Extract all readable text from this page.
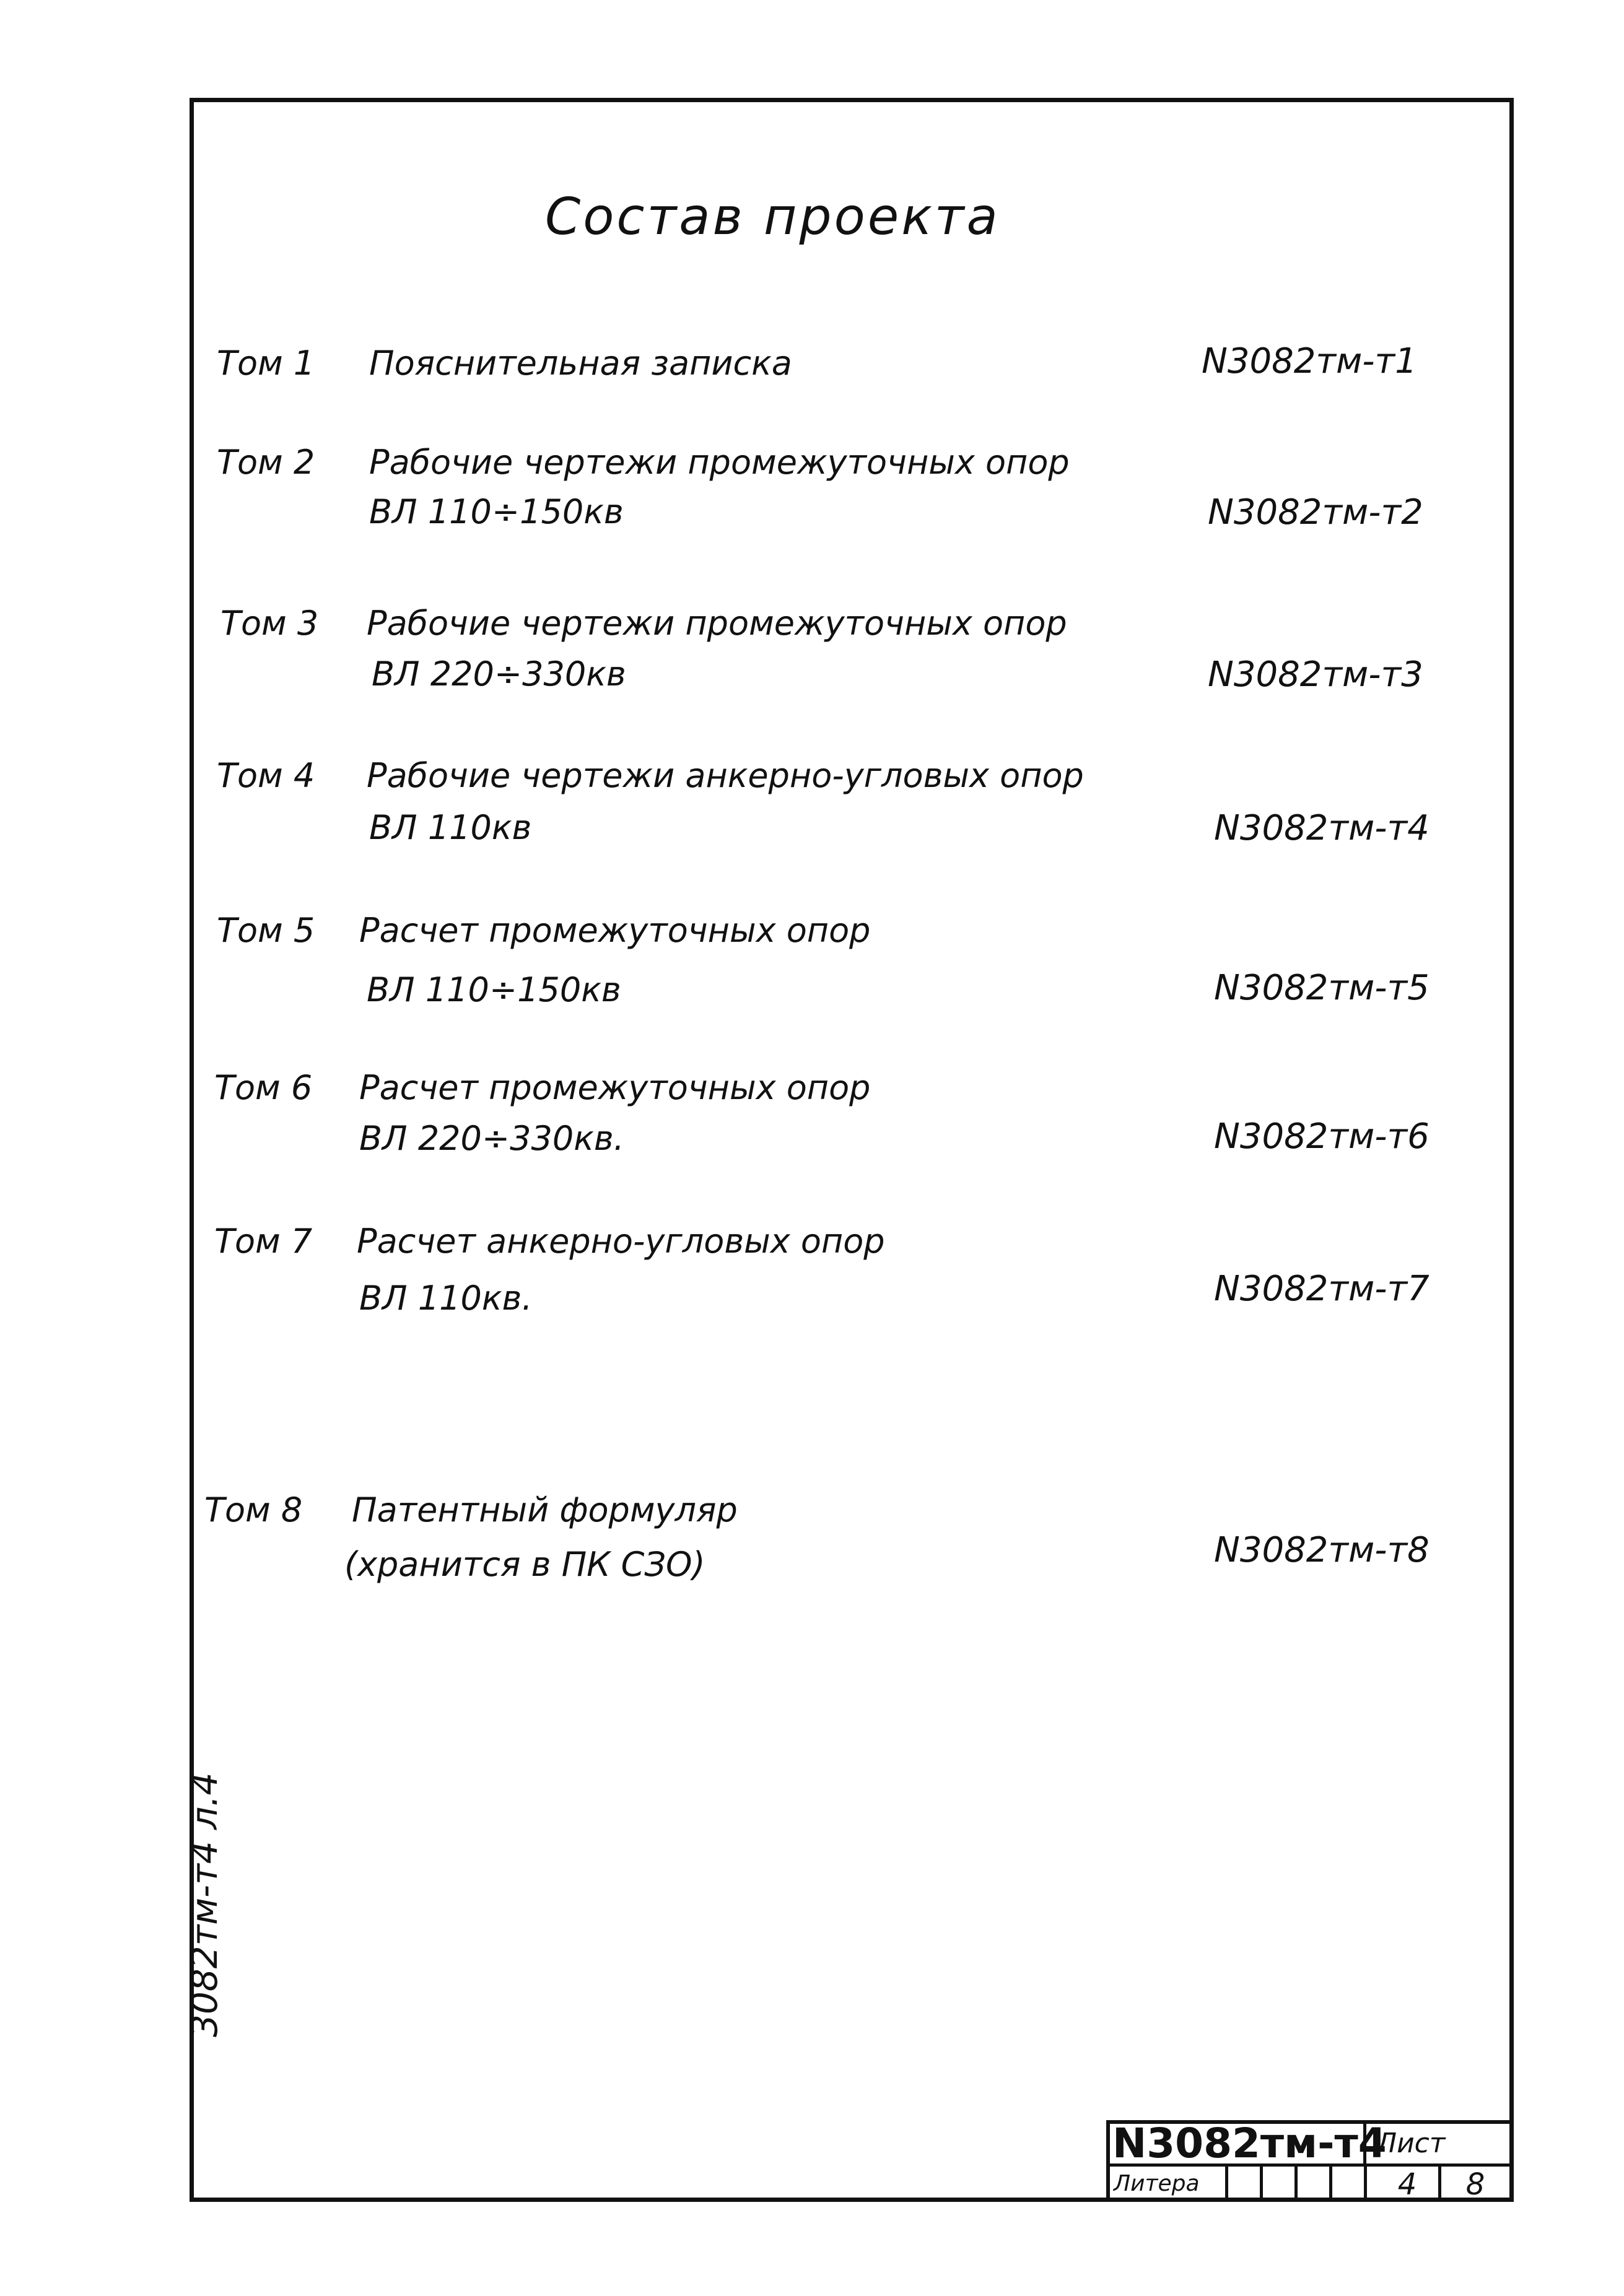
Состав проекта
Том 1 Пояснительная записка	N3082тм-т1
Том 2 Рабочие чертежи промежуточных опор
ВЛ 110÷150кв	N3082тм-т2
Том 3 Рабочие чертежи промежуточных опор
ВЛ 220÷330кв	N3082тм-т3
Том 4 Рабочие чертежи анкерно-угловых опор
ВЛ 110кв	N3082тм-т4
Том 5 Расчет промежуточных опор
ВЛ 110÷150кв	N3082тм-т5
Том 6 Расчет промежуточных опор
ВЛ 220÷330кв.	N3082тм-т6
Том 7 Расчет анкерно-угловых опор
ВЛ 110кв.	N3082тм-т7
Том 8 Патентный формуляр
(хранится в ПК СЗО)	N3082тм-т8
3082тм-т4 л.4
N3082тм-т4
Лист
Литера	4	8
